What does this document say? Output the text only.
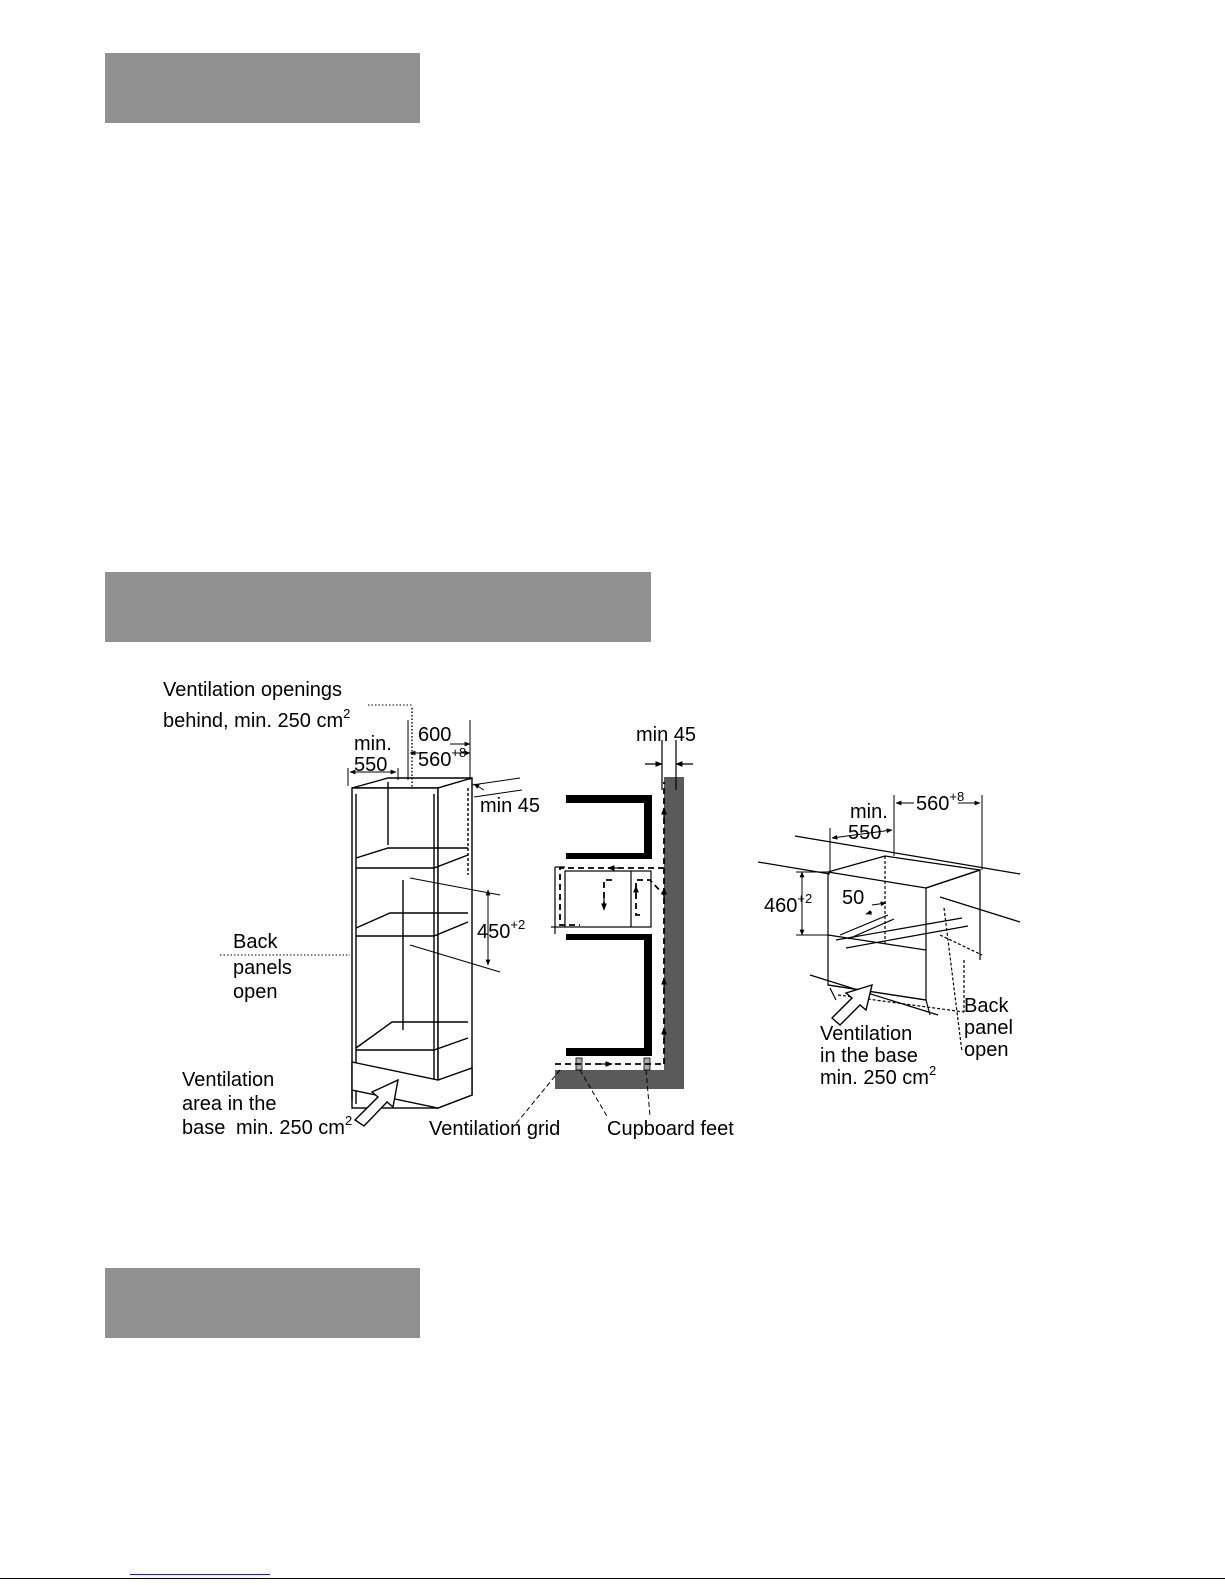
Ventilation openings
behind, min. 250 $cm^2$
min.
550
600
$560^{+8}$
min 45
$450^{+2}$
Back
panels
open
Ventilation
area in the
base min. 250 $cm^2$
min 45
Ventilation grid Cupboard feet
min.
550
$560^{+8}$
$460^{+2}$ 50
Back
panel
open
Ventilation
in the base
min. 250 $cm^2$
